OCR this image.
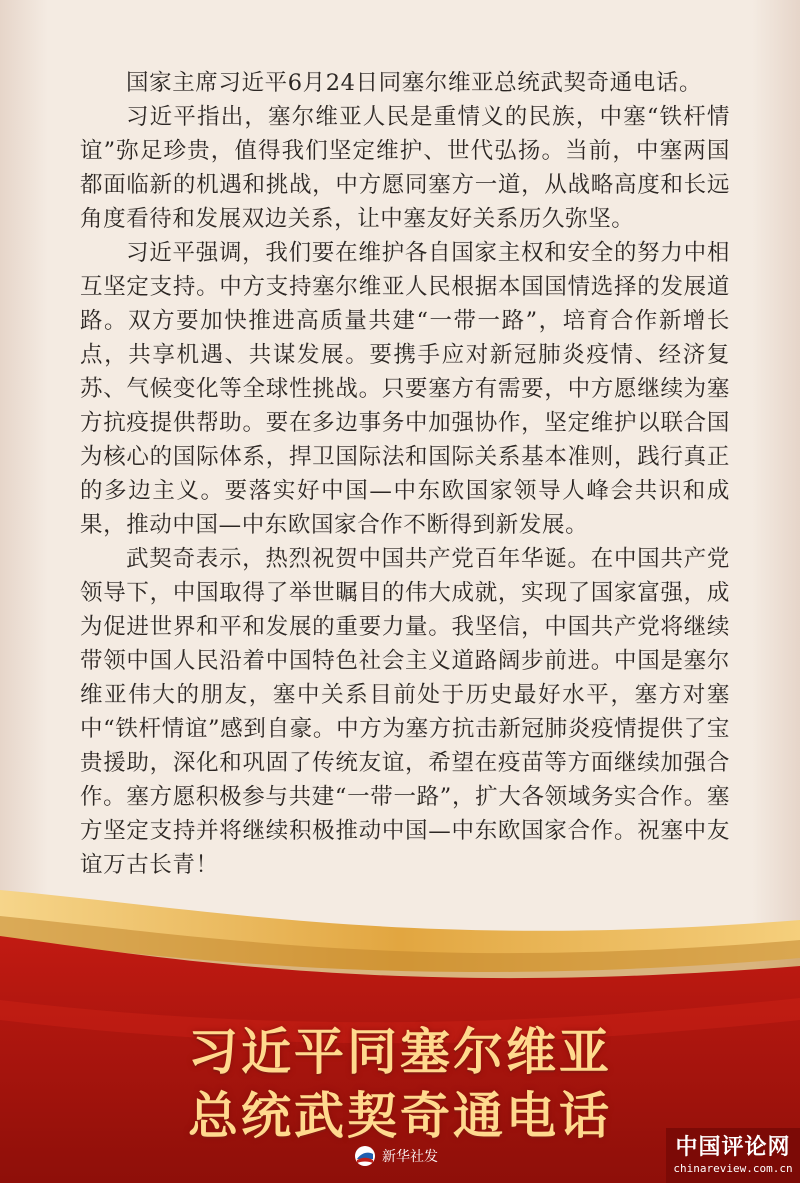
国家主席习近平6月24日同塞尔维亚总统武契奇通电话。

习近平指出，塞尔维亚人民是重情义的民族，中塞“铁杆情谊”弥足珍贵，值得我们坚定维护、世代弘扬。当前，中塞两国都面临新的机遇和挑战，中方愿同塞方一道，从战略高度和长远角度看待和发展双边关系，让中塞友好关系历久弥坚。

习近平强调，我们要在维护各自国家主权和安全的努力中相互坚定支持。中方支持塞尔维亚人民根据本国国情选择的发展道路。双方要加快推进高质量共建“一带一路”，培育合作新增长点，共享机遇、共谋发展。要携手应对新冠肺炎疫情、经济复苏、气候变化等全球性挑战。只要塞方有需要，中方愿继续为塞方抗疫提供帮助。要在多边事务中加强协作，坚定维护以联合国为核心的国际体系，捍卫国际法和国际关系基本准则，践行真正的多边主义。要落实好中国—中东欧国家领导人峰会共识和成果，推动中国—中东欧国家合作不断得到新发展。

武契奇表示，热烈祝贺中国共产党百年华诞。在中国共产党领导下，中国取得了举世瞩目的伟大成就，实现了国家富强，成为促进世界和平和发展的重要力量。我坚信，中国共产党将继续带领中国人民沿着中国特色社会主义道路阔步前进。中国是塞尔维亚伟大的朋友，塞中关系目前处于历史最好水平，塞方对塞中“铁杆情谊”感到自豪。中方为塞方抗击新冠肺炎疫情提供了宝贵援助，深化和巩固了传统友谊，希望在疫苗等方面继续加强合作。塞方愿积极参与共建“一带一路”，扩大各领域务实合作。塞方坚定支持并将继续积极推动中国—中东欧国家合作。祝塞中友谊万古长青！

习近平同塞尔维亚
总统武契奇通电话
新华社发	中国评论网
chinareview.com.cn
